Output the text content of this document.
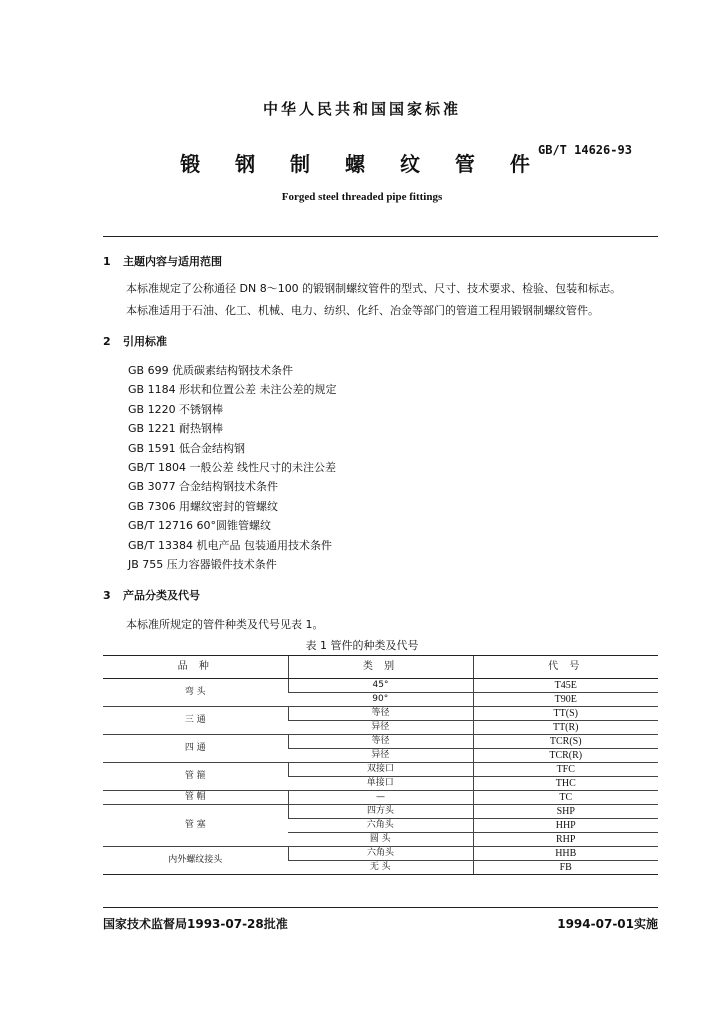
中华人民共和国国家标准
锻 钢 制 螺 纹 管 件
GB/T 14626-93
Forged steel threaded pipe fittings
1 主题内容与适用范围
本标准规定了公称通径 DN 8～100 的锻钢制螺纹管件的型式、尺寸、技术要求、检验、包装和标志。
本标准适用于石油、化工、机械、电力、纺织、化纤、冶金等部门的管道工程用锻钢制螺纹管件。
2 引用标准
GB 699 优质碳素结构钢技术条件
GB 1184 形状和位置公差 未注公差的规定
GB 1220 不锈钢棒
GB 1221 耐热钢棒
GB 1591 低合金结构钢
GB/T 1804 一般公差 线性尺寸的未注公差
GB 3077 合金结构钢技术条件
GB 7306 用螺纹密封的管螺纹
GB/T 12716 60°圆锥管螺纹
GB/T 13384 机电产品 包装通用技术条件
JB 755 压力容器锻件技术条件
3 产品分类及代号
本标准所规定的管件种类及代号见表 1。
表 1 管件的种类及代号
品 种	类 别	代 号
弯 头	45°	T45E
	90°	T90E
三 通	等径	TT(S)
	异径	TT(R)
四 通	等径	TCR(S)
	异径	TCR(R)
管 箍	双接口	TFC
	单接口	THC
管 帽	—	TC
管 塞	四方头	SHP
	六角头	HHP
	圆 头	RHP
内外螺纹接头	六角头	HHB
	无 头	FB
国家技术监督局1993-07-28批准	1994-07-01实施
